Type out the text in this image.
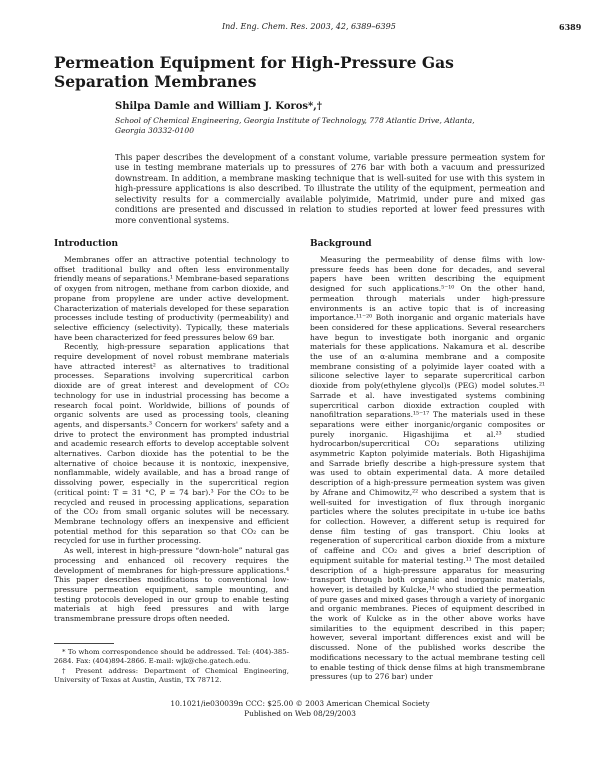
Ind. Eng. Chem. Res. 2003, 42, 6389–6395	6389
Permeation Equipment for High-Pressure Gas Separation Membranes

Shilpa Damle and William J. Koros*,†

School of Chemical Engineering, Georgia Institute of Technology, 778 Atlantic Drive, Atlanta, Georgia 30332-0100

This paper describes the development of a constant volume, variable pressure permeation system for use in testing membrane materials up to pressures of 276 bar with both a vacuum and pressurized downstream. In addition, a membrane masking technique that is well-suited for use with this system in high-pressure applications is also described. To illustrate the utility of the equipment, permeation and selectivity results for a commercially available polyimide, Matrimid, under pure and mixed gas conditions are presented and discussed in relation to studies reported at lower feed pressures with more conventional systems.

Introduction

Membranes offer an attractive potential technology to offset traditional bulky and often less environmentally friendly means of separations.¹ Membrane-based separations of oxygen from nitrogen, methane from carbon dioxide, and propane from propylene are under active development. Characterization of materials developed for these separation processes include testing of productivity (permeability) and selective efficiency (selectivity). Typically, these materials have been characterized for feed pressures below 69 bar.

Recently, high-pressure separation applications that require development of novel robust membrane materials have attracted interest² as alternatives to traditional processes. Separations involving supercritical carbon dioxide are of great interest and development of CO₂ technology for use in industrial processing has become a research focal point. Worldwide, billions of pounds of organic solvents are used as processing tools, cleaning agents, and dispersants.³ Concern for workers' safety and a drive to protect the environment has prompted industrial and academic research efforts to develop acceptable solvent alternatives. Carbon dioxide has the potential to be the alternative of choice because it is nontoxic, inexpensive, nonflammable, widely available, and has a broad range of dissolving power, especially in the supercritical region (critical point: T = 31 °C, P = 74 bar).³ For the CO₂ to be recycled and reused in processing applications, separation of the CO₂ from small organic solutes will be necessary. Membrane technology offers an inexpensive and efficient potential method for this separation so that CO₂ can be recycled for use in further processing.

As well, interest in high-pressure “down-hole” natural gas processing and enhanced oil recovery requires the development of membranes for high-pressure applications.⁴ This paper describes modifications to conventional low-pressure permeation equipment, sample mounting, and testing protocols developed in our group to enable testing materials at high feed pressures and with large transmembrane pressure drops often needed.

* To whom correspondence should be addressed. Tel: (404)-385-2684. Fax: (404)894-2866. E-mail: wjk@che.gatech.edu.

† Present address: Department of Chemical Engineering, University of Texas at Austin, Austin, TX 78712.

Background

Measuring the permeability of dense films with low-pressure feeds has been done for decades, and several papers have been written describing the equipment designed for such applications.⁵⁻¹⁰ On the other hand, permeation through materials under high-pressure environments is an active topic that is of increasing importance.¹¹⁻²⁰ Both inorganic and organic materials have been considered for these applications. Several researchers have begun to investigate both inorganic and organic materials for these applications. Nakamura et al. describe the use of an α-alumina membrane and a composite membrane consisting of a polyimide layer coated with a silicone selective layer to separate supercritical carbon dioxide from poly(ethylene glycol)s (PEG) model solutes.²¹ Sarrade et al. have investigated systems combining supercritical carbon dioxide extraction coupled with nanofiltration separations.¹⁵⁻¹⁷ The materials used in these separations were either inorganic/organic composites or purely inorganic. Higashijima et al.²³ studied hydrocarbon/supercritical CO₂ separations utilizing asymmetric Kapton polyimide materials. Both Higashijima and Sarrade briefly describe a high-pressure system that was used to obtain experimental data. A more detailed description of a high-pressure permeation system was given by Afrane and Chimowitz,²² who described a system that is well-suited for investigation of flux through inorganic particles where the solutes precipitate in u-tube ice baths for collection. However, a different setup is required for dense film testing of gas transport. Chiu looks at regeneration of supercritical carbon dioxide from a mixture of caffeine and CO₂ and gives a brief description of equipment suitable for material testing.¹¹ The most detailed description of a high-pressure apparatus for measuring transport through both organic and inorganic materials, however, is detailed by Kulcke,¹⁴ who studied the permeation of pure gases and mixed gases through a variety of inorganic and organic membranes. Pieces of equipment described in the work of Kulcke as in the other above works have similarities to the equipment described in this paper; however, several important differences exist and will be discussed. None of the published works describe the modifications necessary to the actual membrane testing cell to enable testing of thick dense films at high transmembrane pressures (up to 276 bar) under

10.1021/ie030039n CCC: $25.00 © 2003 American Chemical Society
Published on Web 08/29/2003
